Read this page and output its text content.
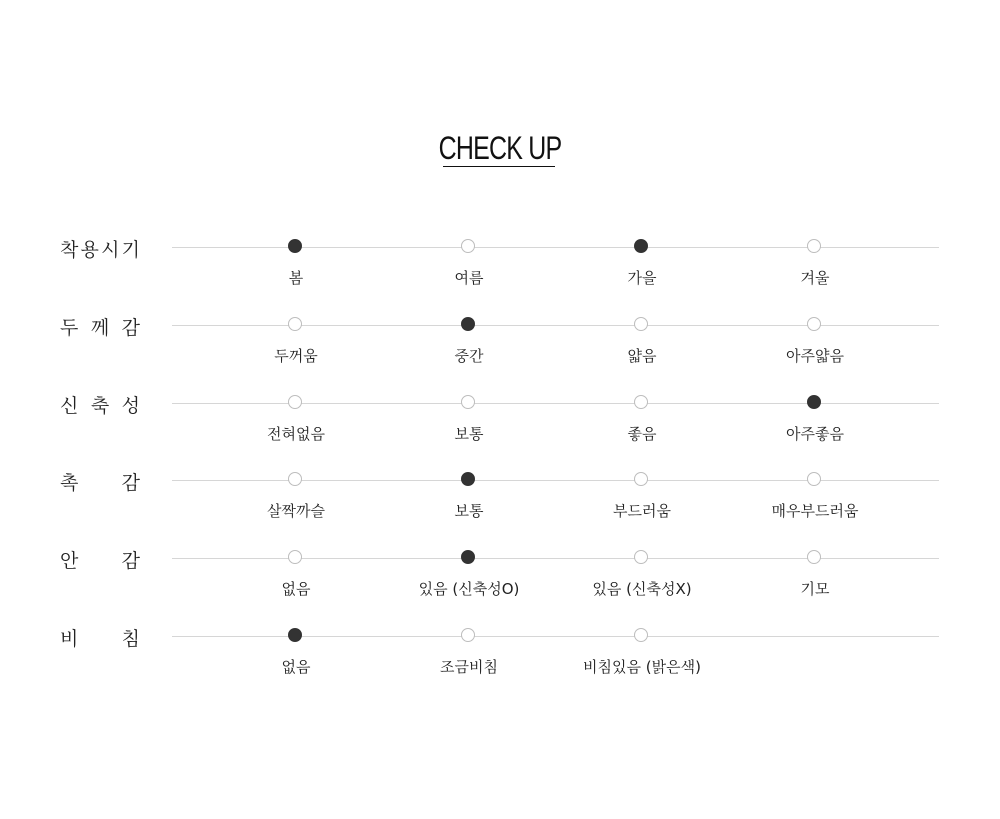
CHECK UP
착 용 시 기
봄	여름	가을	겨울
두 께 감
두꺼움	중간	얇음	아주얇음
신 축 성
전혀없음	보통	좋음	아주좋음
촉 감
살짝까슬	보통	부드러움	매우부드러움
안 감
없음	있음 (신축성O)	있음 (신축성X)	기모
비 침
없음	조금비침	비침있음 (밝은색)
